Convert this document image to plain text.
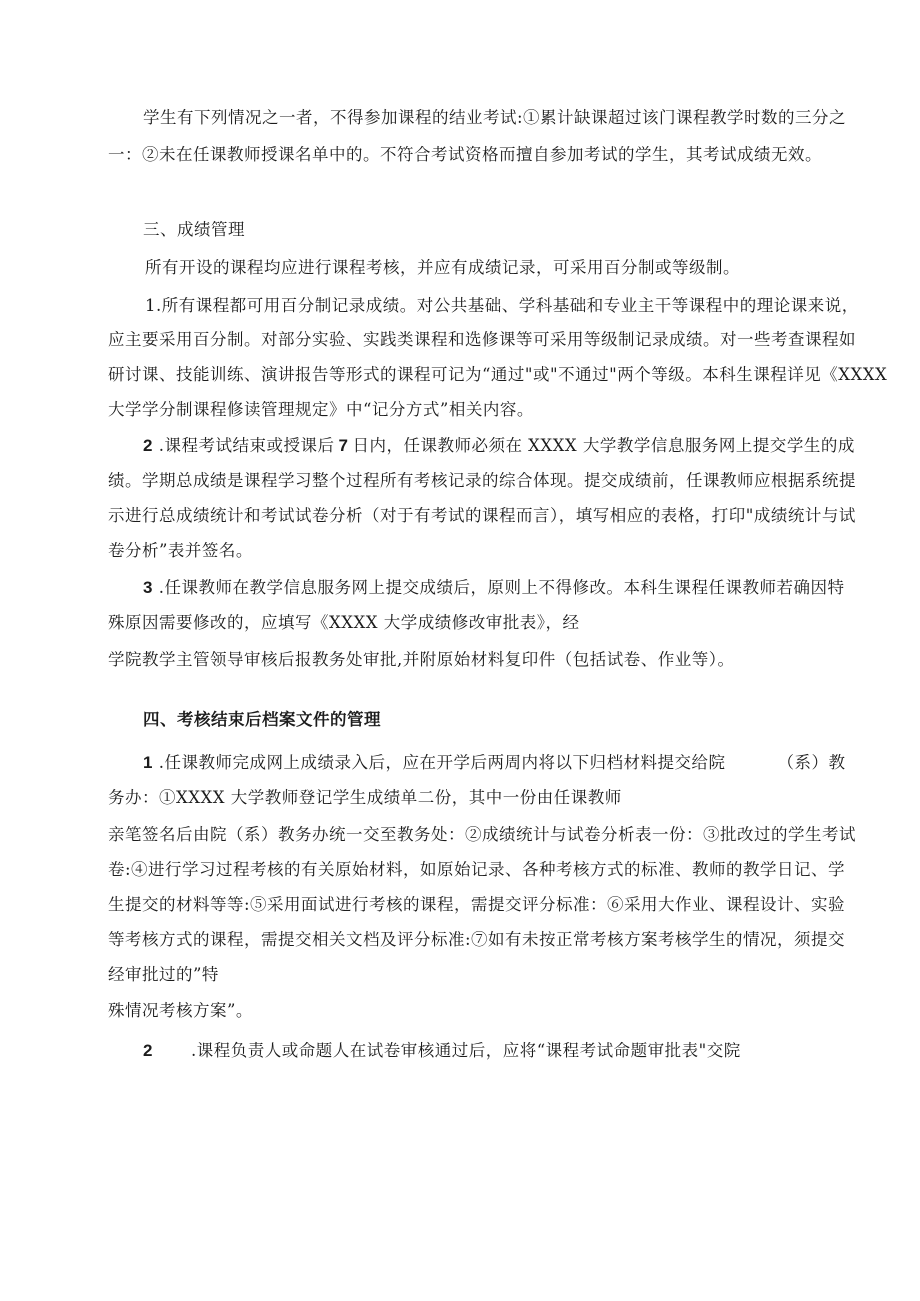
学生有下列情况之一者，不得参加课程的结业考试:①累计缺课超过该门课程教学时数的三分之
一：②未在任课教师授课名单中的。不符合考试资格而擅自参加考试的学生，其考试成绩无效。
三、成绩管理
所有开设的课程均应进行课程考核，并应有成绩记录，可采用百分制或等级制。
1.所有课程都可用百分制记录成绩。对公共基础、学科基础和专业主干等课程中的理论课来说，
应主要采用百分制。对部分实验、实践类课程和选修课等可采用等级制记录成绩。对一些考查课程如
研讨课、技能训练、演讲报告等形式的课程可记为“通过"或"不通过"两个等级。本科生课程详见《XXXX
大学学分制课程修读管理规定》中“记分方式”相关内容。
2 .课程考试结束或授课后 7 日内，任课教师必须在 XXXX 大学教学信息服务网上提交学生的成
绩。学期总成绩是课程学习整个过程所有考核记录的综合体现。提交成绩前，任课教师应根据系统提
示进行总成绩统计和考试试卷分析（对于有考试的课程而言），填写相应的表格，打印"成绩统计与试
卷分析”表并签名。
3 .任课教师在教学信息服务网上提交成绩后，原则上不得修改。本科生课程任课教师若确因特
殊原因需要修改的，应填写《XXXX 大学成绩修改审批表》，经
学院教学主管领导审核后报教务处审批,并附原始材料复印件（包括试卷、作业等）。
四、考核结束后档案文件的管理
1 .任课教师完成网上成绩录入后，应在开学后两周内将以下归档材料提交给院	（系）教
务办：①XXXX 大学教师登记学生成绩单二份，其中一份由任课教师
亲笔签名后由院（系）教务办统一交至教务处：②成绩统计与试卷分析表一份：③批改过的学生考试
卷:④进行学习过程考核的有关原始材料，如原始记录、各种考核方式的标准、教师的教学日记、学
生提交的材料等等:⑤采用面试进行考核的课程，需提交评分标准：⑥采用大作业、课程设计、实验
等考核方式的课程，需提交相关文档及评分标准:⑦如有未按正常考核方案考核学生的情况，须提交
经审批过的”特
殊情况考核方案”。
2 .课程负责人或命题人在试卷审核通过后，应将“课程考试命题审批表"交院
